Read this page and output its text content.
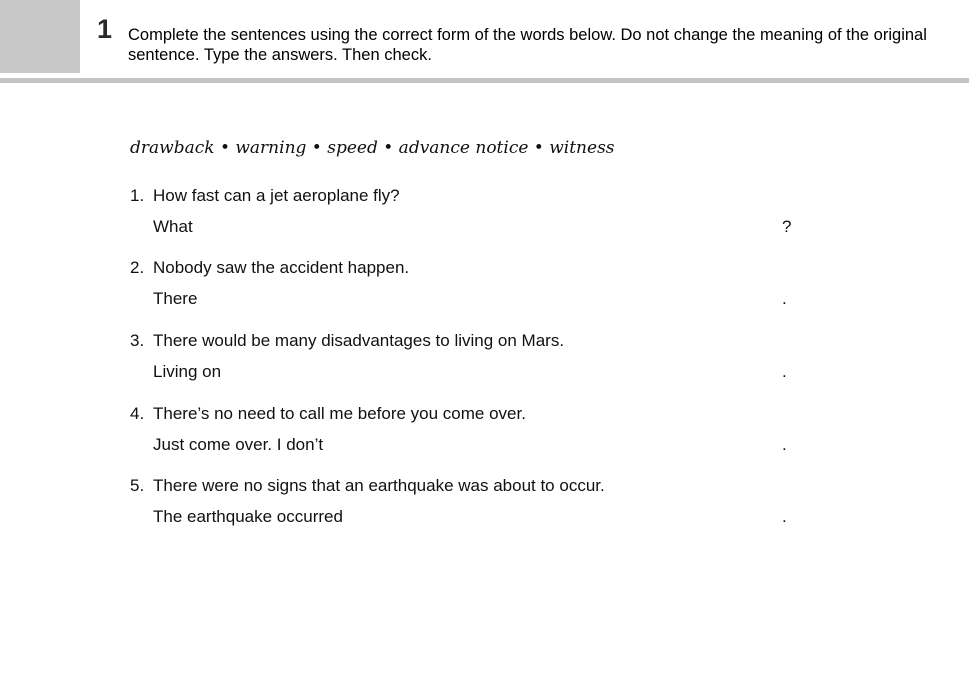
1 Complete the sentences using the correct form of the words below. Do not change the meaning of the original sentence. Type the answers. Then check.
drawback • warning • speed • advance notice • witness
1. How fast can a jet aeroplane fly?
What	?
2. Nobody saw the accident happen.
There	.
3. There would be many disadvantages to living on Mars.
Living on	.
4. There’s no need to call me before you come over.
Just come over. I don’t	.
5. There were no signs that an earthquake was about to occur.
The earthquake occurred	.
